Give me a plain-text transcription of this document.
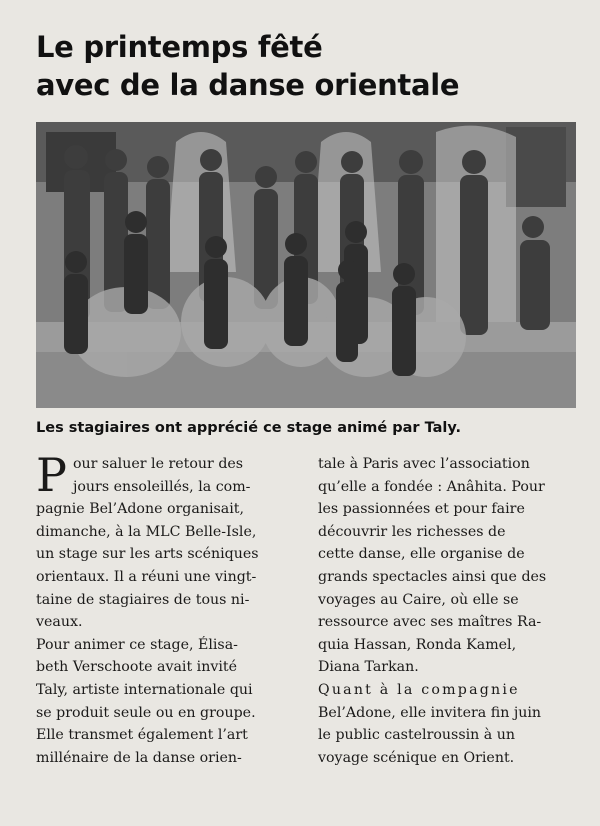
Le printemps fêté
avec de la danse orientale
Les stagiaires ont apprécié ce stage animé par Taly.

P our saluer le retour des
jours ensoleillés, la com-
pagnie Bel’Adone organisait,
dimanche, à la MLC Belle-Isle,
un stage sur les arts scéniques
orientaux. Il a réuni une vingt-
taine de stagiaires de tous ni-
veaux.

Pour animer ce stage, Élisa-
beth Verschoote avait invité
Taly, artiste internationale qui
se produit seule ou en groupe.
Elle transmet également l’art
millénaire de la danse orien-

tale à Paris avec l’association
qu’elle a fondée : Anâhita. Pour
les passionnées et pour faire
découvrir les richesses de
cette danse, elle organise de
grands spectacles ainsi que des
voyages au Caire, où elle se
ressource avec ses maîtres Ra-
quia Hassan, Ronda Kamel,
Diana Tarkan.

Quant à la compagnie
Bel’Adone, elle invitera fin juin
le public castelroussin à un
voyage scénique en Orient.
